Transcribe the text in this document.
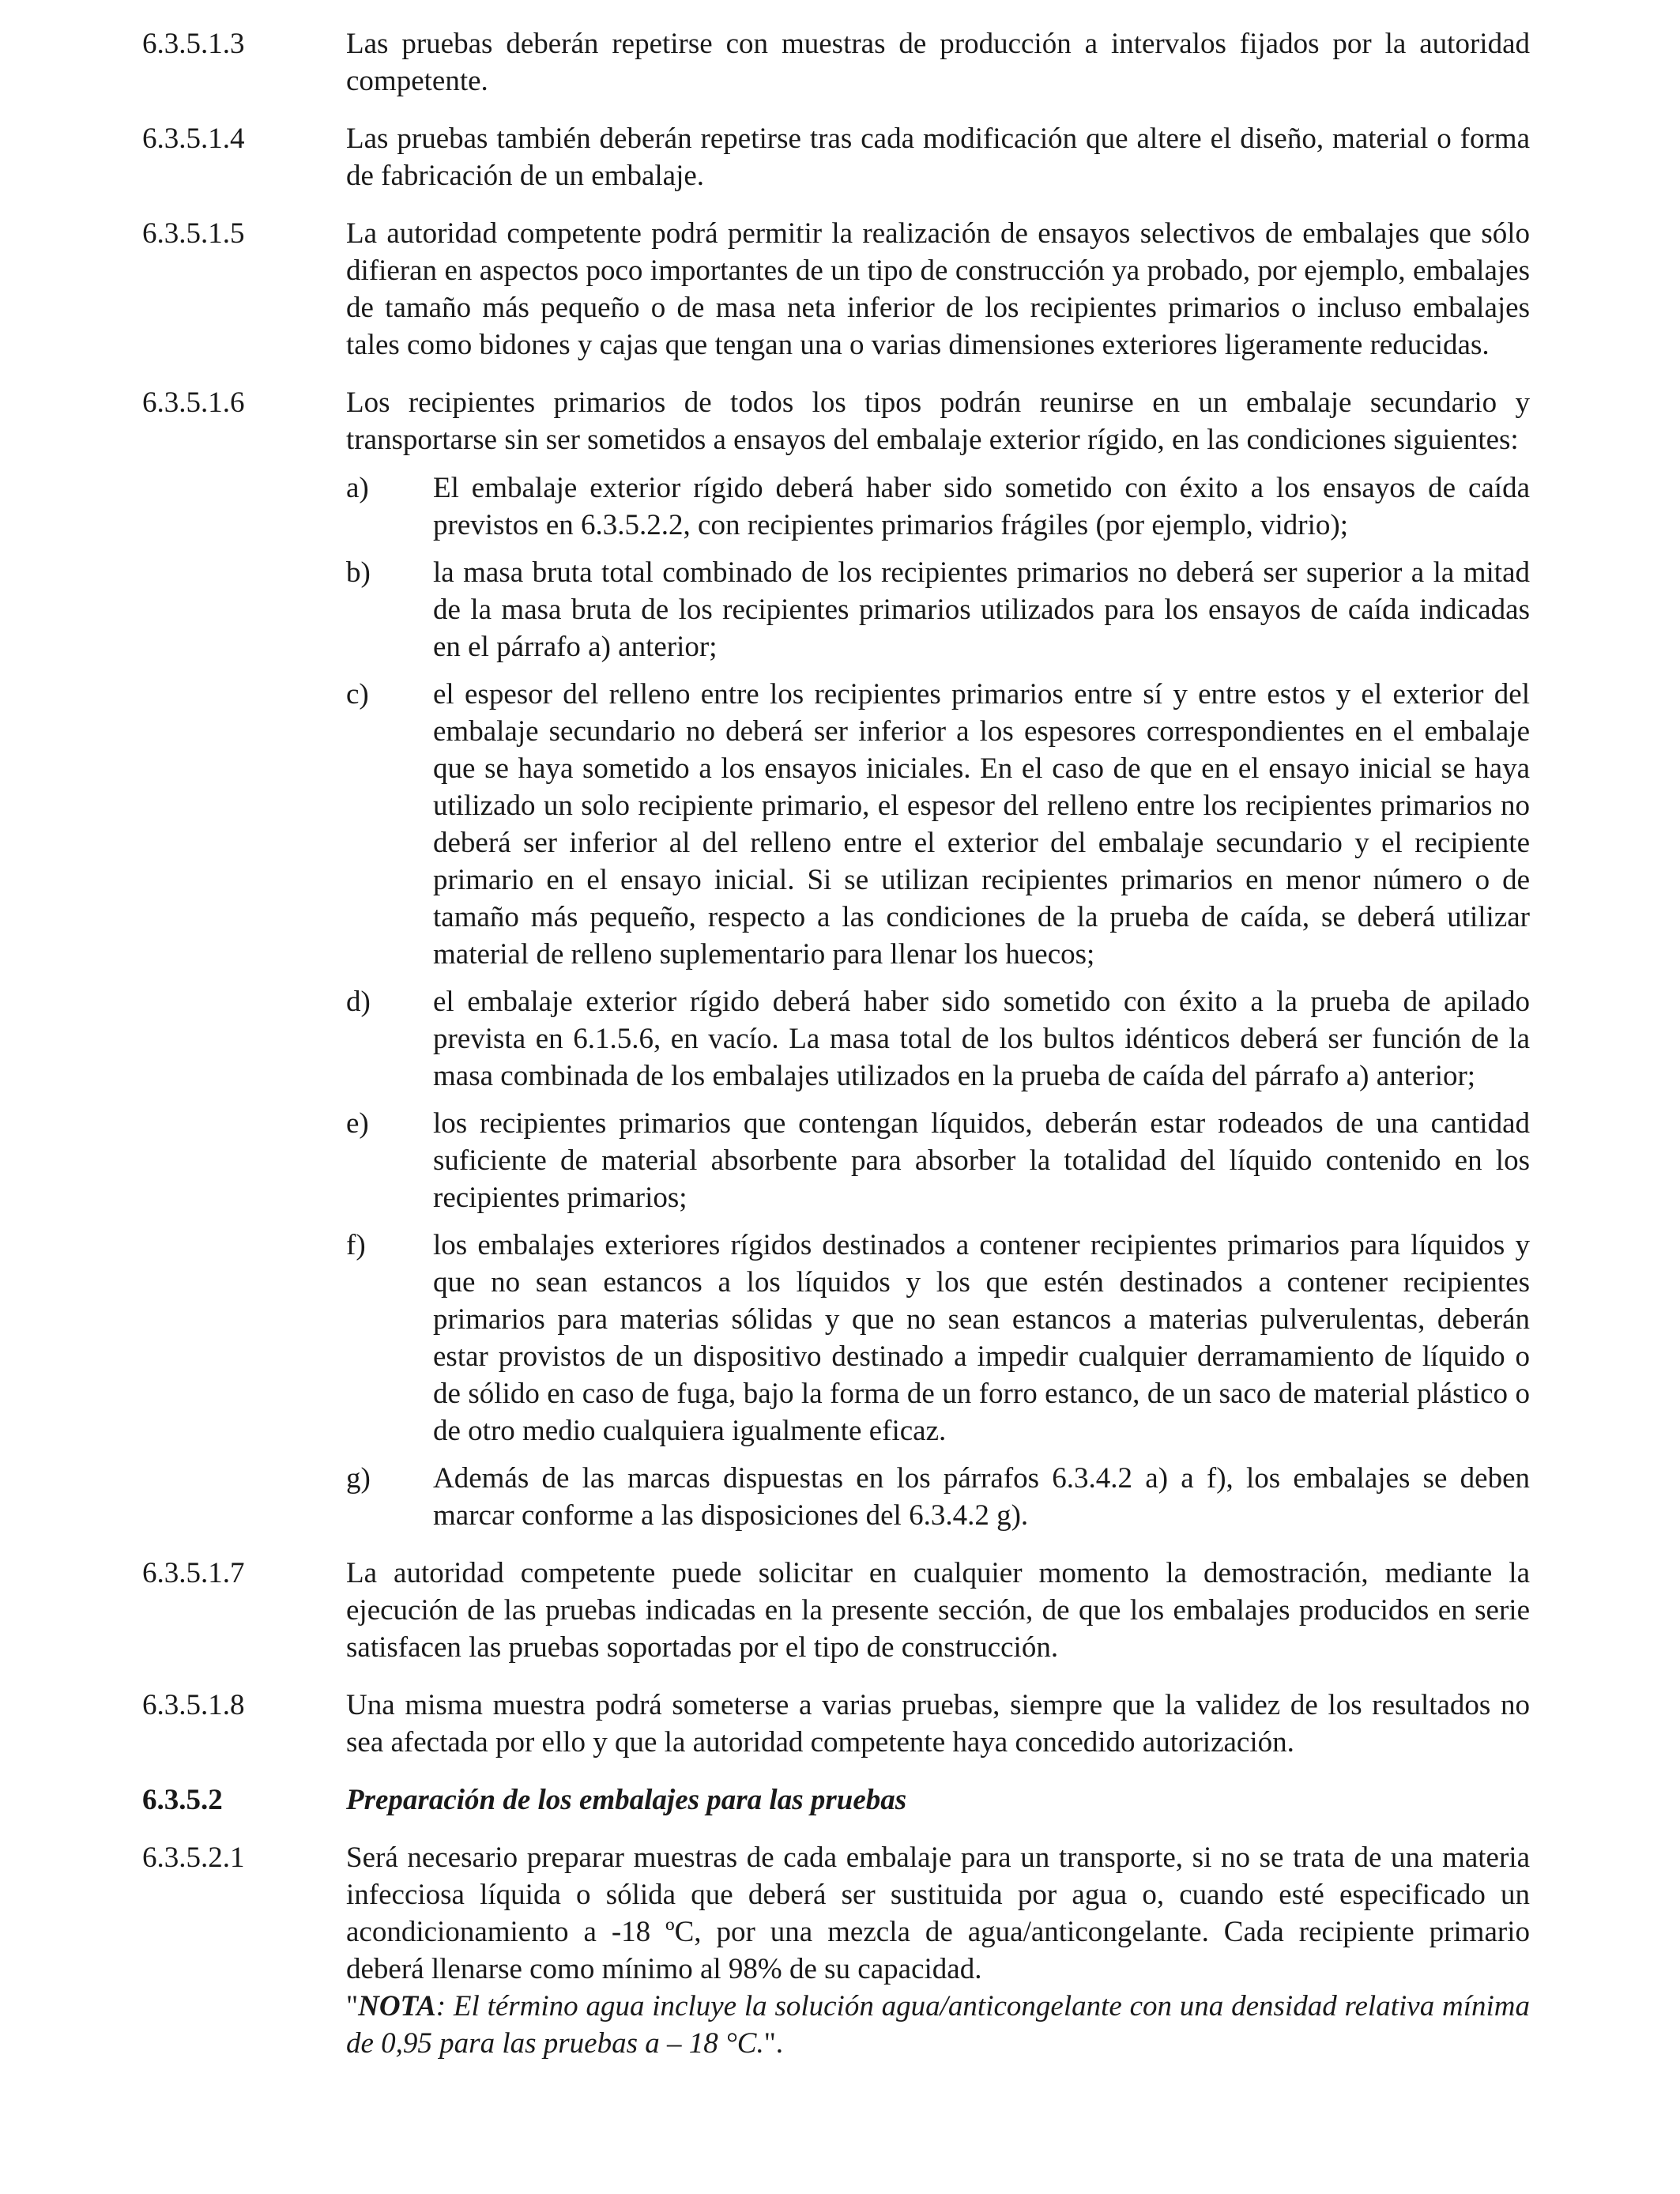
6.3.5.1.3	Las pruebas deberán repetirse con muestras de producción a intervalos fijados por la autoridad competente.

6.3.5.1.4	Las pruebas también deberán repetirse tras cada modificación que altere el diseño, material o forma de fabricación de un embalaje.

6.3.5.1.5	La autoridad competente podrá permitir la realización de ensayos selectivos de embalajes que sólo difieran en aspectos poco importantes de un tipo de construcción ya probado, por ejemplo, embalajes de tamaño más pequeño o de masa neta inferior de los recipientes primarios o incluso embalajes tales como bidones y cajas que tengan una o varias dimensiones exteriores ligeramente reducidas.

6.3.5.1.6	Los recipientes primarios de todos los tipos podrán reunirse en un embalaje secundario y transportarse sin ser sometidos a ensayos del embalaje exterior rígido, en las condiciones siguientes:

a)	El embalaje exterior rígido deberá haber sido sometido con éxito a los ensayos de caída previstos en 6.3.5.2.2, con recipientes primarios frágiles (por ejemplo, vidrio);
b)	la masa bruta total combinado de los recipientes primarios no deberá ser superior a la mitad de la masa bruta de los recipientes primarios utilizados para los ensayos de caída indicadas en el párrafo a) anterior;
c)	el espesor del relleno entre los recipientes primarios entre sí y entre estos y el exterior del embalaje secundario no deberá ser inferior a los espesores correspondientes en el embalaje que se haya sometido a los ensayos iniciales. En el caso de que en el ensayo inicial se haya utilizado un solo recipiente primario, el espesor del relleno entre los recipientes primarios no deberá ser inferior al del relleno entre el exterior del embalaje secundario y el recipiente primario en el ensayo inicial. Si se utilizan recipientes primarios en menor número o de tamaño más pequeño, respecto a las condiciones de la prueba de caída, se deberá utilizar material de relleno suplementario para llenar los huecos;
d)	el embalaje exterior rígido deberá haber sido sometido con éxito a la prueba de apilado prevista en 6.1.5.6, en vacío. La masa total de los bultos idénticos deberá ser función de la masa combinada de los embalajes utilizados en la prueba de caída del párrafo a) anterior;
e)	los recipientes primarios que contengan líquidos, deberán estar rodeados de una cantidad suficiente de material absorbente para absorber la totalidad del líquido contenido en los recipientes primarios;
f)	los embalajes exteriores rígidos destinados a contener recipientes primarios para líquidos y que no sean estancos a los líquidos y los que estén destinados a contener recipientes primarios para materias sólidas y que no sean estancos a materias pulverulentas, deberán estar provistos de un dispositivo destinado a impedir cualquier derramamiento de líquido o de sólido en caso de fuga, bajo la forma de un forro estanco, de un saco de material plástico o de otro medio cualquiera igualmente eficaz.
g)	Además de las marcas dispuestas en los párrafos 6.3.4.2 a) a f), los embalajes se deben marcar conforme a las disposiciones del 6.3.4.2 g).
6.3.5.1.7	La autoridad competente puede solicitar en cualquier momento la demostración, mediante la ejecución de las pruebas indicadas en la presente sección, de que los embalajes producidos en serie satisfacen las pruebas soportadas por el tipo de construcción.

6.3.5.1.8	Una misma muestra podrá someterse a varias pruebas, siempre que la validez de los resultados no sea afectada por ello y que la autoridad competente haya concedido autorización.

6.3.5.2	Preparación de los embalajes para las pruebas
6.3.5.2.1	Será necesario preparar muestras de cada embalaje para un transporte, si no se trata de una materia infecciosa líquida o sólida que deberá ser sustituida por agua o, cuando esté especificado un acondicionamiento a -18 ºC, por una mezcla de agua/anticongelante. Cada recipiente primario deberá llenarse como mínimo al 98% de su capacidad.

"NOTA: El término agua incluye la solución agua/anticongelante con una densidad relativa mínima de 0,95 para las pruebas a – 18 °C.".
